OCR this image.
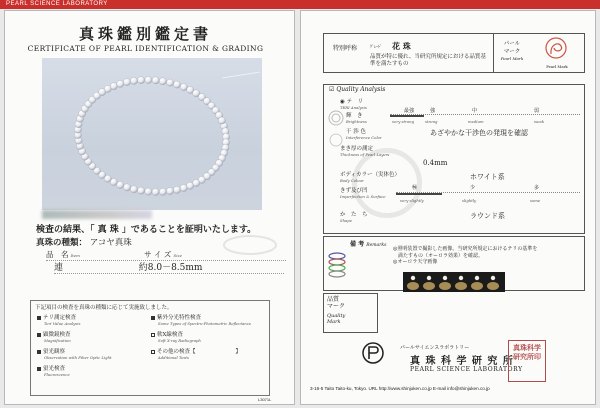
PEARL SCIENCE LABORATORY
真珠鑑別鑑定書
CERTIFICATE OF PEARL IDENTIFICATION & GRADING
検査の結果、「 真 珠 」であることを証明いたします。
真珠の種類： アコヤ真珠
品　名 Item	サ イ ズ Size
連	約8.0－8.5mm
下記項目の検査を真珠の種類に応じて実施致しました。
テリ測定検査
Teri Value Analysis
紫外分光特性検査
Some Types of Spectro-Photometric Reflectance
顕微鏡検査
Magnification
軟X線検査
Soft X-ray Radiograph
蛍光観察
Observation with Fiber Optic Light
その他の検査【	】
Additional Tests
蛍光検査
Fluorescence
L3071L
特別呼称	ｸﾞﾚｰﾄﾞ 花 珠
品質が特に優れ、当研究所規定における品質基準を満たすもの
パール
マーク
Pearl Mark
Pearl Mark
☑ Quality Analysis
◉ テ　リ
TERI Analysis
輝　き
Brightness
最強	強	中	弱
very strong	strong	medium	weak
干 渉 色
Interference Color
あざやかな干渉色の発現を確認
まき厚の測定
Thickness of Pearl Layers
0.4mm
ボディカラー（実体色）
Body Colour	ホワイト系
きず及び凹
Imperfection & Surface
極	少	多
very slightly	slightly	some
か　た　ち
Shape
ラウンド系
備 考 Remarks
◎照明装置で撮影した画像。当研究所規定におけるテリの基準を
　満たすもの（オーロラ効果）を確認。
◎オーロラ天守画像
品質
マーク
Quality
Mark
パールサイエンスラボラトリー
真 珠 科 学 研 究 所
PEARL SCIENCE LABORATORY
真珠科学研究所印
3-16-5 Taito Taito-ku, Tokyo. URL http://www.shinjuken.co.jp E-mail info@shinjuken.co.jp
